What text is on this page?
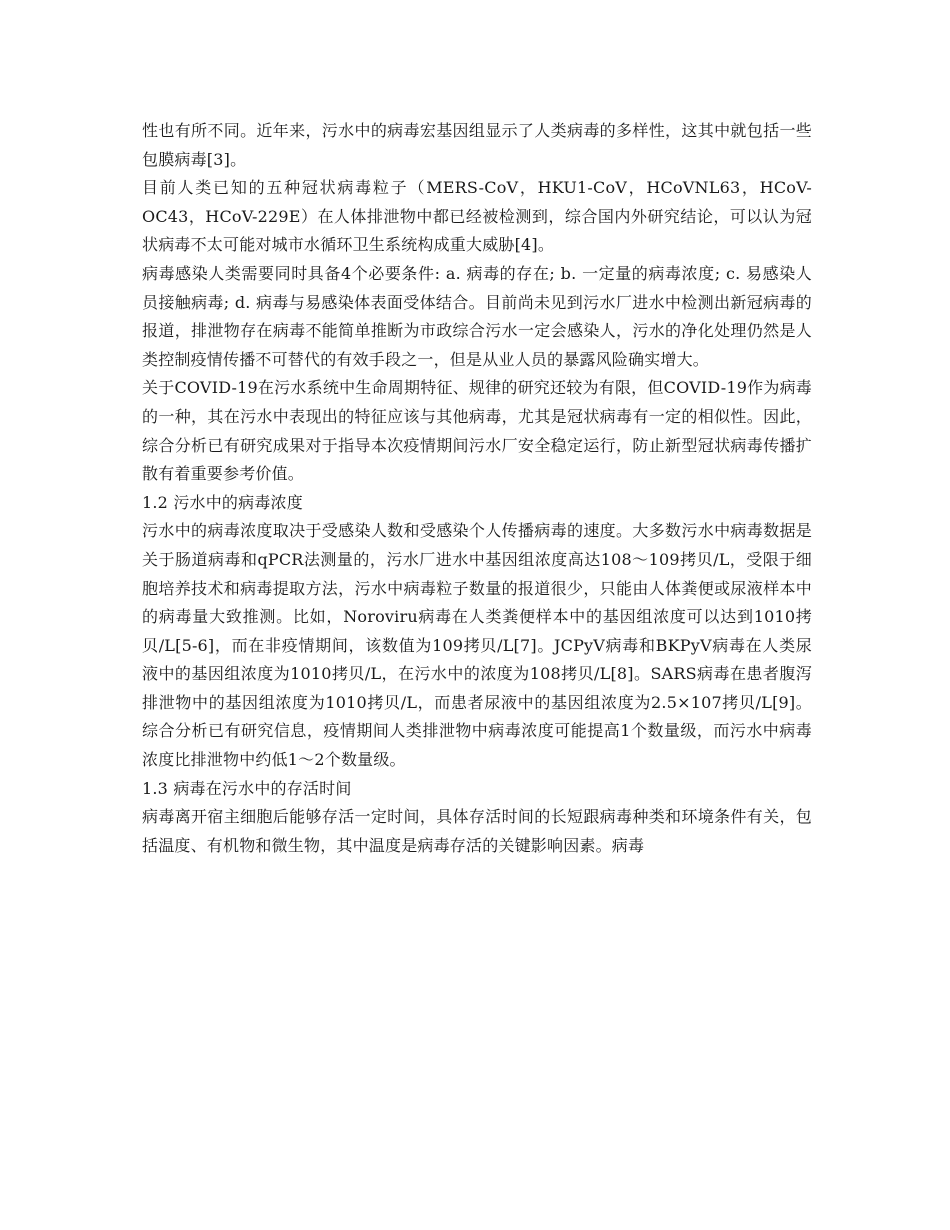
性也有所不同。近年来，污水中的病毒宏基因组显示了人类病毒的多样性，这其中就包括一些包膜病毒[3]。

目前人类已知的五种冠状病毒粒子（MERS-CoV，HKU1-CoV，HCoVNL63，HCoV-OC43，HCoV-229E）在人体排泄物中都已经被检测到，综合国内外研究结论，可以认为冠状病毒不太可能对城市水循环卫生系统构成重大威胁[4]。

病毒感染人类需要同时具备4个必要条件: a. 病毒的存在; b. 一定量的病毒浓度; c. 易感染人员接触病毒; d. 病毒与易感染体表面受体结合。目前尚未见到污水厂进水中检测出新冠病毒的报道，排泄物存在病毒不能简单推断为市政综合污水一定会感染人，污水的净化处理仍然是人类控制疫情传播不可替代的有效手段之一，但是从业人员的暴露风险确实增大。

关于COVID-19在污水系统中生命周期特征、规律的研究还较为有限，但COVID-19作为病毒的一种，其在污水中表现出的特征应该与其他病毒，尤其是冠状病毒有一定的相似性。因此，综合分析已有研究成果对于指导本次疫情期间污水厂安全稳定运行，防止新型冠状病毒传播扩散有着重要参考价值。

1.2 污水中的病毒浓度

污水中的病毒浓度取决于受感染人数和受感染个人传播病毒的速度。大多数污水中病毒数据是关于肠道病毒和qPCR法测量的，污水厂进水中基因组浓度高达108～109拷贝/L，受限于细胞培养技术和病毒提取方法，污水中病毒粒子数量的报道很少，只能由人体粪便或尿液样本中的病毒量大致推测。比如，Noroviru病毒在人类粪便样本中的基因组浓度可以达到1010拷贝/L[5-6]，而在非疫情期间，该数值为109拷贝/L[7]。JCPyV病毒和BKPyV病毒在人类尿液中的基因组浓度为1010拷贝/L，在污水中的浓度为108拷贝/L[8]。SARS病毒在患者腹泻排泄物中的基因组浓度为1010拷贝/L，而患者尿液中的基因组浓度为2.5×107拷贝/L[9]。综合分析已有研究信息，疫情期间人类排泄物中病毒浓度可能提高1个数量级，而污水中病毒浓度比排泄物中约低1～2个数量级。

1.3 病毒在污水中的存活时间

病毒离开宿主细胞后能够存活一定时间，具体存活时间的长短跟病毒种类和环境条件有关，包括温度、有机物和微生物，其中温度是病毒存活的关键影响因素。病毒
